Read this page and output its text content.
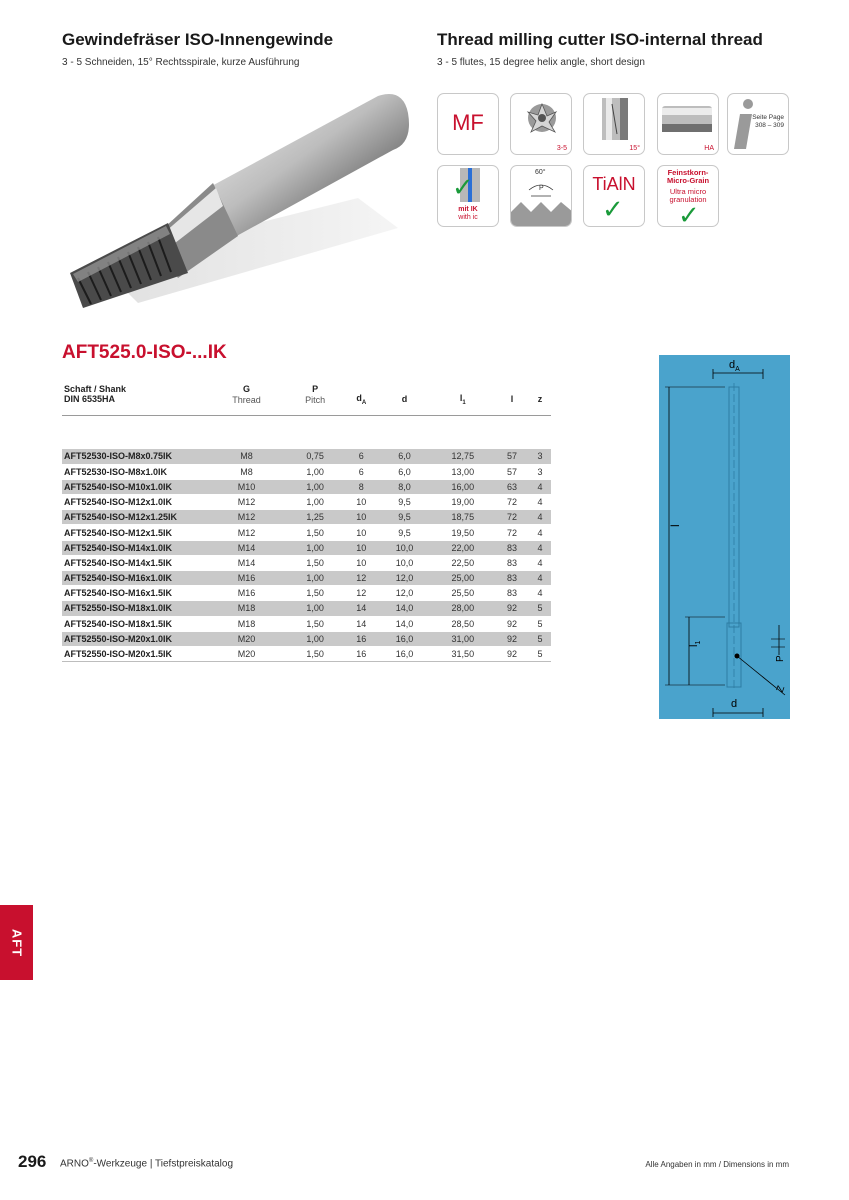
Gewindefräser ISO-Innengewinde
3 - 5 Schneiden, 15° Rechtsspirale, kurze Ausführung
Thread milling cutter ISO-internal thread
3 - 5 flutes, 15 degree helix angle, short design
MF
3-5	15°	HA
Seite Page
308 – 309
✓
mit IK
with ic
60°
P	TiAlN
✓
Feinstkorn-
Micro-Grain
Ultra micro
granulation
✓
AFT525.0-ISO-...IK
Schaft / Shank
DIN 6535HA	G
Thread	P
Pitch	$d_A$	d	$l_1$	l	z

AFT52530-ISO-M8x0.75IK	M8	0,75	6	6,0	12,75	57	3
AFT52530-ISO-M8x1.0IK	M8	1,00	6	6,0	13,00	57	3
AFT52540-ISO-M10x1.0IK	M10	1,00	8	8,0	16,00	63	4
AFT52540-ISO-M12x1.0IK	M12	1,00	10	9,5	19,00	72	4
AFT52540-ISO-M12x1.25IK	M12	1,25	10	9,5	18,75	72	4
AFT52540-ISO-M12x1.5IK	M12	1,50	10	9,5	19,50	72	4
AFT52540-ISO-M14x1.0IK	M14	1,00	10	10,0	22,00	83	4
AFT52540-ISO-M14x1.5IK	M14	1,50	10	10,0	22,50	83	4
AFT52540-ISO-M16x1.0IK	M16	1,00	12	12,0	25,00	83	4
AFT52540-ISO-M16x1.5IK	M16	1,50	12	12,0	25,50	83	4
AFT52550-ISO-M18x1.0IK	M18	1,00	14	14,0	28,00	92	5
AFT52540-ISO-M18x1.5IK	M18	1,50	14	14,0	28,50	92	5
AFT52550-ISO-M20x1.0IK	M20	1,00	16	16,0	31,00	92	5
AFT52550-ISO-M20x1.5IK	M20	1,50	16	16,0	31,50	92	5
$d_A$
l
$l_1$
P
Z
d
AFT
296 ARNO®-Werkzeuge | Tiefstpreiskatalog	Alle Angaben in mm / Dimensions in mm
